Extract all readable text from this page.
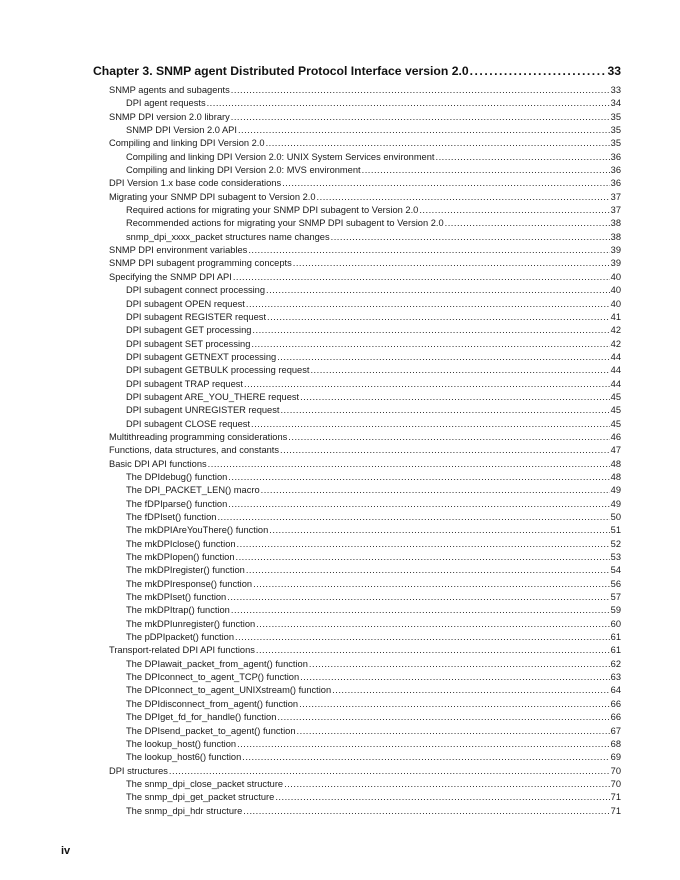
Chapter 3. SNMP agent Distributed Protocol Interface version 2.0 .....	33
SNMP agents and subagents .....	33
DPI agent requests .....	34
SNMP DPI version 2.0 library .....	35
SNMP DPI Version 2.0 API .....	35
Compiling and linking DPI Version 2.0 .....	35
Compiling and linking DPI Version 2.0: UNIX System Services environment .....	36
Compiling and linking DPI Version 2.0: MVS environment .....	36
DPI Version 1.x base code considerations .....	36
Migrating your SNMP DPI subagent to Version 2.0 .....	37
Required actions for migrating your SNMP DPI subagent to Version 2.0 .....	37
Recommended actions for migrating your SNMP DPI subagent to Version 2.0 .....	38
snmp_dpi_xxxx_packet structures name changes .....	38
SNMP DPI environment variables .....	39
SNMP DPI subagent programming concepts .....	39
Specifying the SNMP DPI API .....	40
DPI subagent connect processing .....	40
DPI subagent OPEN request .....	40
DPI subagent REGISTER request .....	41
DPI subagent GET processing .....	42
DPI subagent SET processing .....	42
DPI subagent GETNEXT processing .....	44
DPI subagent GETBULK processing request .....	44
DPI subagent TRAP request .....	44
DPI subagent ARE_YOU_THERE request .....	45
DPI subagent UNREGISTER request .....	45
DPI subagent CLOSE request .....	45
Multithreading programming considerations .....	46
Functions, data structures, and constants .....	47
Basic DPI API functions .....	48
The DPIdebug() function .....	48
The DPI_PACKET_LEN() macro .....	49
The fDPIparse() function .....	49
The fDPIset() function .....	50
The mkDPIAreYouThere() function .....	51
The mkDPIclose() function .....	52
The mkDPIopen() function .....	53
The mkDPIregister() function .....	54
The mkDPIresponse() function .....	56
The mkDPIset() function .....	57
The mkDPItrap() function .....	59
The mkDPIunregister() function .....	60
The pDPIpacket() function .....	61
Transport-related DPI API functions .....	61
The DPIawait_packet_from_agent() function .....	62
The DPIconnect_to_agent_TCP() function .....	63
The DPIconnect_to_agent_UNIXstream() function .....	64
The DPIdisconnect_from_agent() function .....	66
The DPIget_fd_for_handle() function .....	66
The DPIsend_packet_to_agent() function .....	67
The lookup_host() function .....	68
The lookup_host6() function .....	69
DPI structures .....	70
The snmp_dpi_close_packet structure .....	70
The snmp_dpi_get_packet structure .....	71
The snmp_dpi_hdr structure .....	71
iv
